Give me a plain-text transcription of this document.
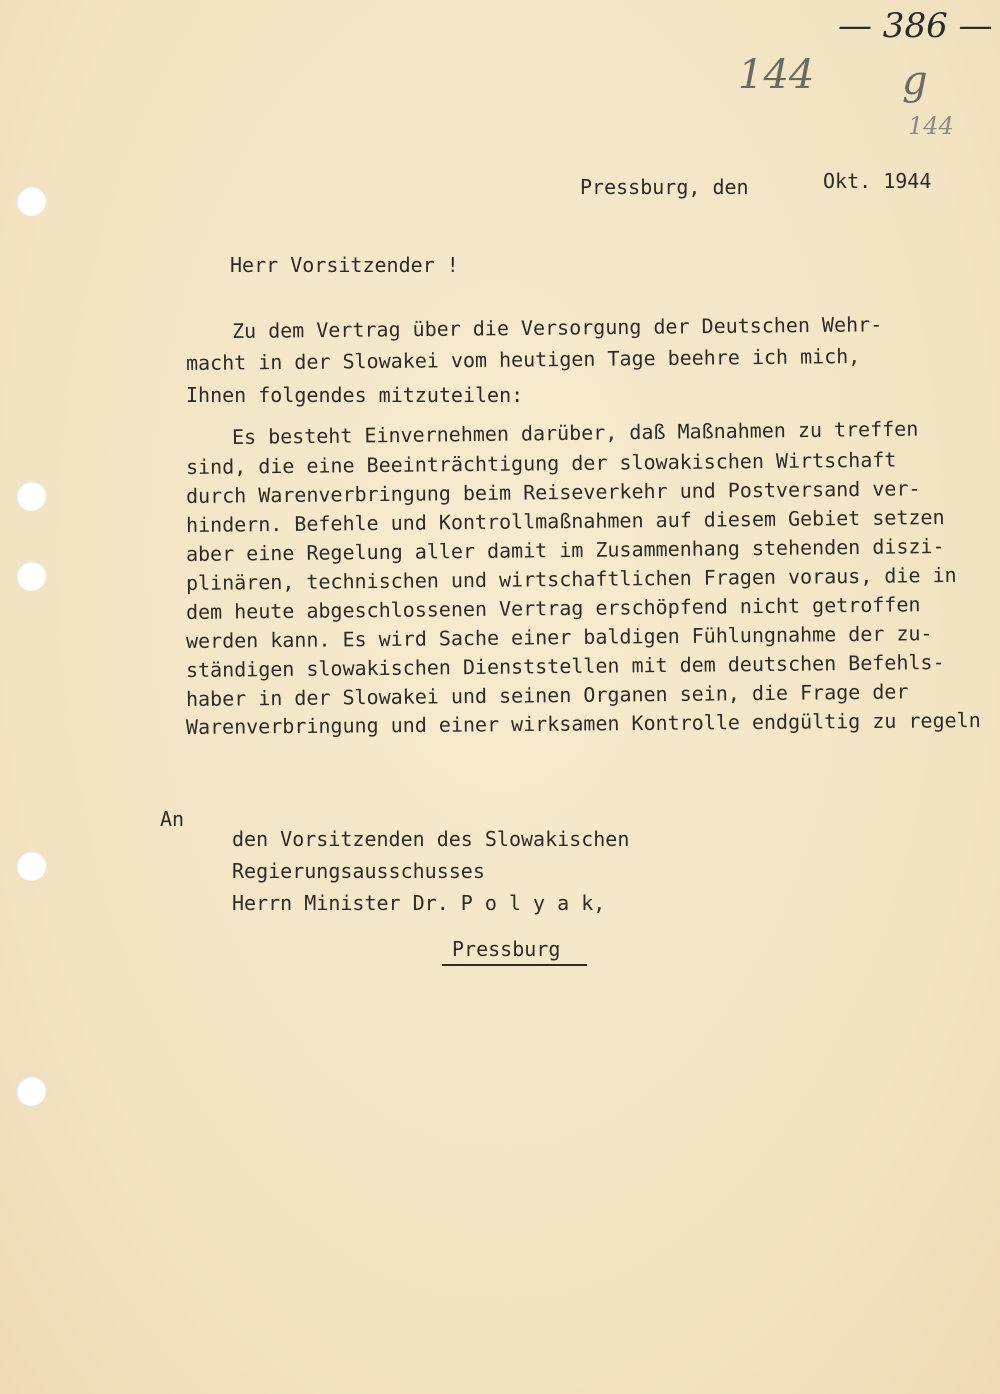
— 386 —
144 g
144
Pressburg, den	Okt. 1944
Herr Vorsitzender !
Zu dem Vertrag über die Versorgung der Deutschen Wehr-
macht in der Slowakei vom heutigen Tage beehre ich mich,
Ihnen folgendes mitzuteilen:
Es besteht Einvernehmen darüber, daß Maßnahmen zu treffen
sind, die eine Beeinträchtigung der slowakischen Wirtschaft
durch Warenverbringung beim Reiseverkehr und Postversand ver-
hindern. Befehle und Kontrollmaßnahmen auf diesem Gebiet setzen
aber eine Regelung aller damit im Zusammenhang stehenden diszi-
plinären, technischen und wirtschaftlichen Fragen voraus, die in
dem heute abgeschlossenen Vertrag erschöpfend nicht getroffen
werden kann. Es wird Sache einer baldigen Fühlungnahme der zu-
ständigen slowakischen Dienststellen mit dem deutschen Befehls-
haber in der Slowakei und seinen Organen sein, die Frage der
Warenverbringung und einer wirksamen Kontrolle endgültig zu regeln
An
den Vorsitzenden des Slowakischen
Regierungsausschusses
Herrn Minister Dr. P o l y a k,
Pressburg
